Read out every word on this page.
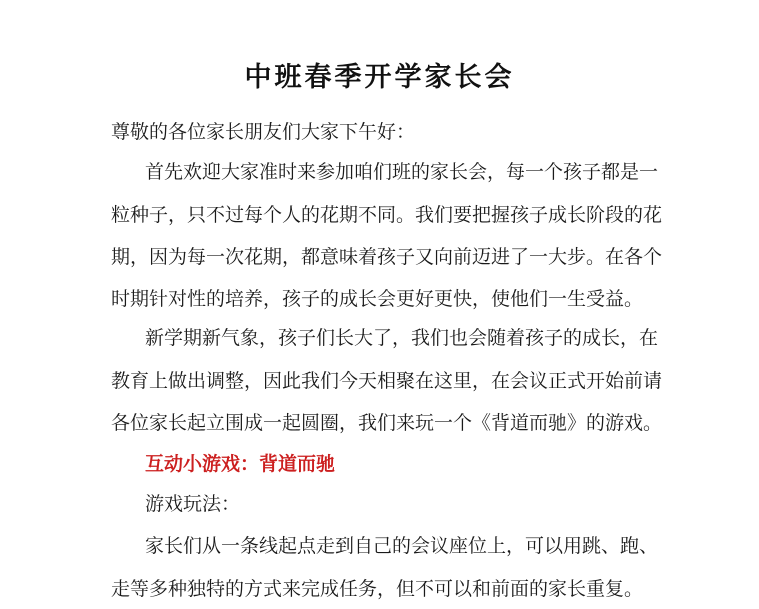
中班春季开学家长会
尊敬的各位家长朋友们大家下午好：
首先欢迎大家准时来参加咱们班的家长会，每一个孩子都是一
粒种子，只不过每个人的花期不同。我们要把握孩子成长阶段的花
期，因为每一次花期，都意味着孩子又向前迈进了一大步。在各个
时期针对性的培养，孩子的成长会更好更快，使他们一生受益。
新学期新气象，孩子们长大了，我们也会随着孩子的成长，在
教育上做出调整，因此我们今天相聚在这里，在会议正式开始前请
各位家长起立围成一起圆圈，我们来玩一个《背道而驰》的游戏。
互动小游戏：背道而驰
游戏玩法：
家长们从一条线起点走到自己的会议座位上，可以用跳、跑、
走等多种独特的方式来完成任务，但不可以和前面的家长重复。
